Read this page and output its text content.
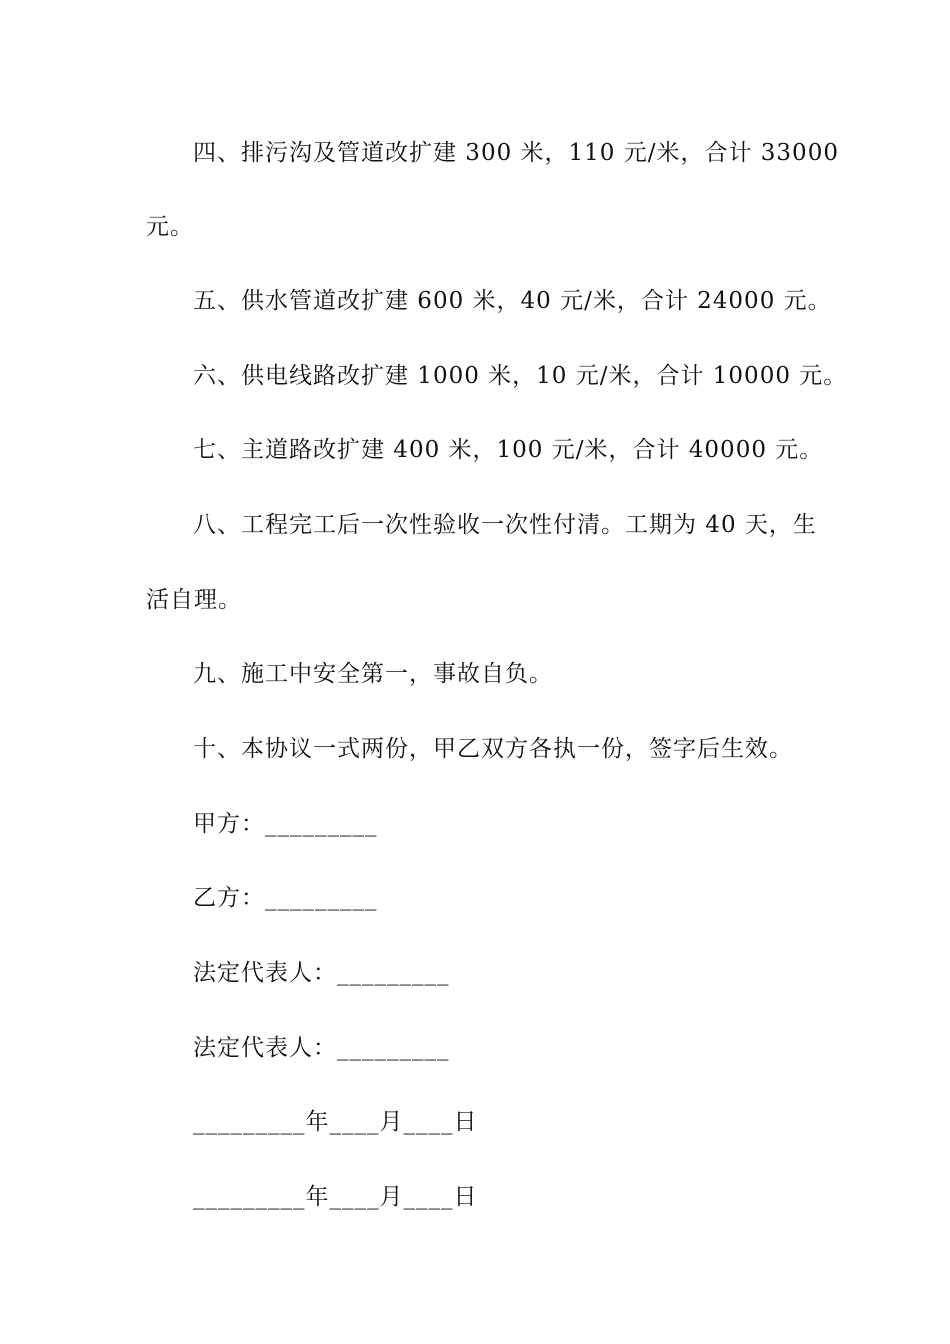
四、排污沟及管道改扩建 300 米，110 元/米，合计 33000
元。
五、供水管道改扩建 600 米，40 元/米，合计 24000 元。
六、供电线路改扩建 1000 米，10 元/米，合计 10000 元。
七、主道路改扩建 400 米，100 元/米，合计 40000 元。
八、工程完工后一次性验收一次性付清。工期为 40 天，生
活自理。
九、施工中安全第一，事故自负。
十、本协议一式两份，甲乙双方各执一份，签字后生效。
甲方：_________
乙方：_________
法定代表人：_________
法定代表人：_________
_________年____月____日
_________年____月____日
